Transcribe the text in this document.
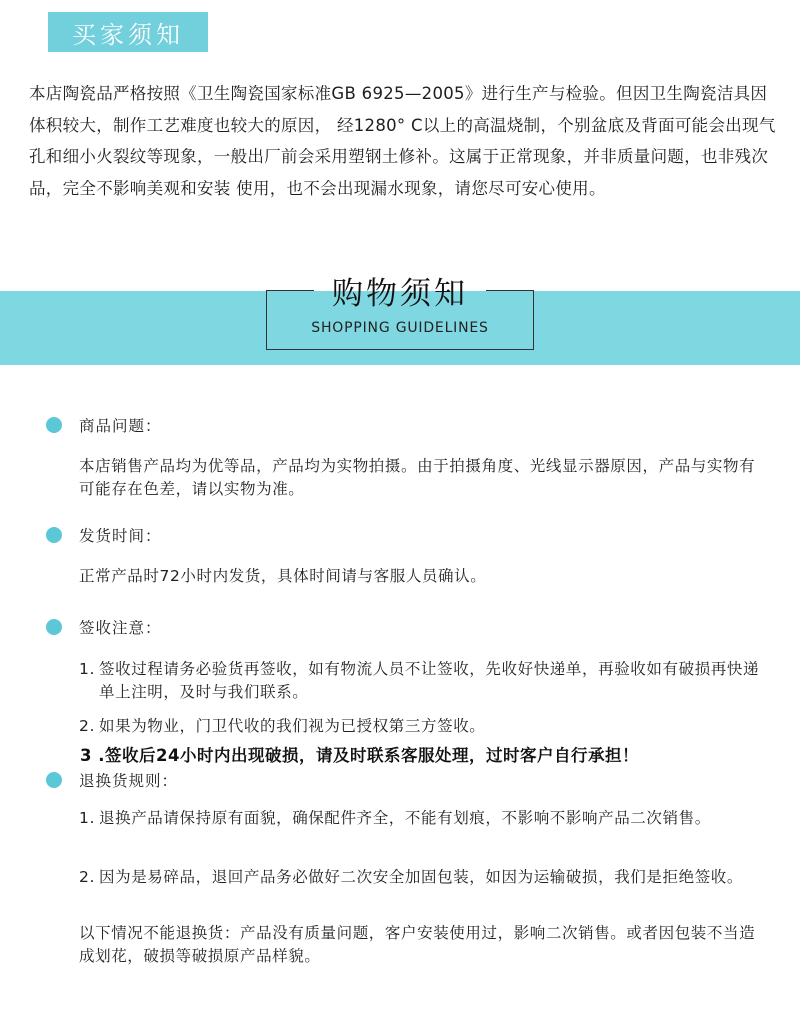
买家须知
本店陶瓷品严格按照《卫生陶瓷国家标准GB 6925—2005》进行生产与检验。但因卫生陶瓷洁具因体积较大，制作工艺难度也较大的原因， 经1280° C以上的高温烧制，个别盆底及背面可能会出现气孔和细小火裂纹等现象，一般出厂前会采用塑钢土修补。这属于正常现象，并非质量问题，也非残次品，完全不影响美观和安装 使用，也不会出现漏水现象，请您尽可安心使用。
购物须知
SHOPPING GUIDELINES
商品问题：
本店销售产品均为优等品，产品均为实物拍摄。由于拍摄角度、光线显示器原因，产品与实物有可能存在色差，请以实物为准。
发货时间：
正常产品时72小时内发货，具体时间请与客服人员确认。
签收注意：
1. 签收过程请务必验货再签收，如有物流人员不让签收，先收好快递单，再验收如有破损再快递单上注明，及时与我们联系。
2. 如果为物业，门卫代收的我们视为已授权第三方签收。
3 .签收后24小时内出现破损，请及时联系客服处理，过时客户自行承担！
退换货规则：
1. 退换产品请保持原有面貌，确保配件齐全，不能有划痕，不影响不影响产品二次销售。
2. 因为是易碎品，退回产品务必做好二次安全加固包装，如因为运输破损，我们是拒绝签收。
以下情况不能退换货：产品没有质量问题，客户安装使用过，影响二次销售。或者因包装不当造成划花，破损等破损原产品样貌。
